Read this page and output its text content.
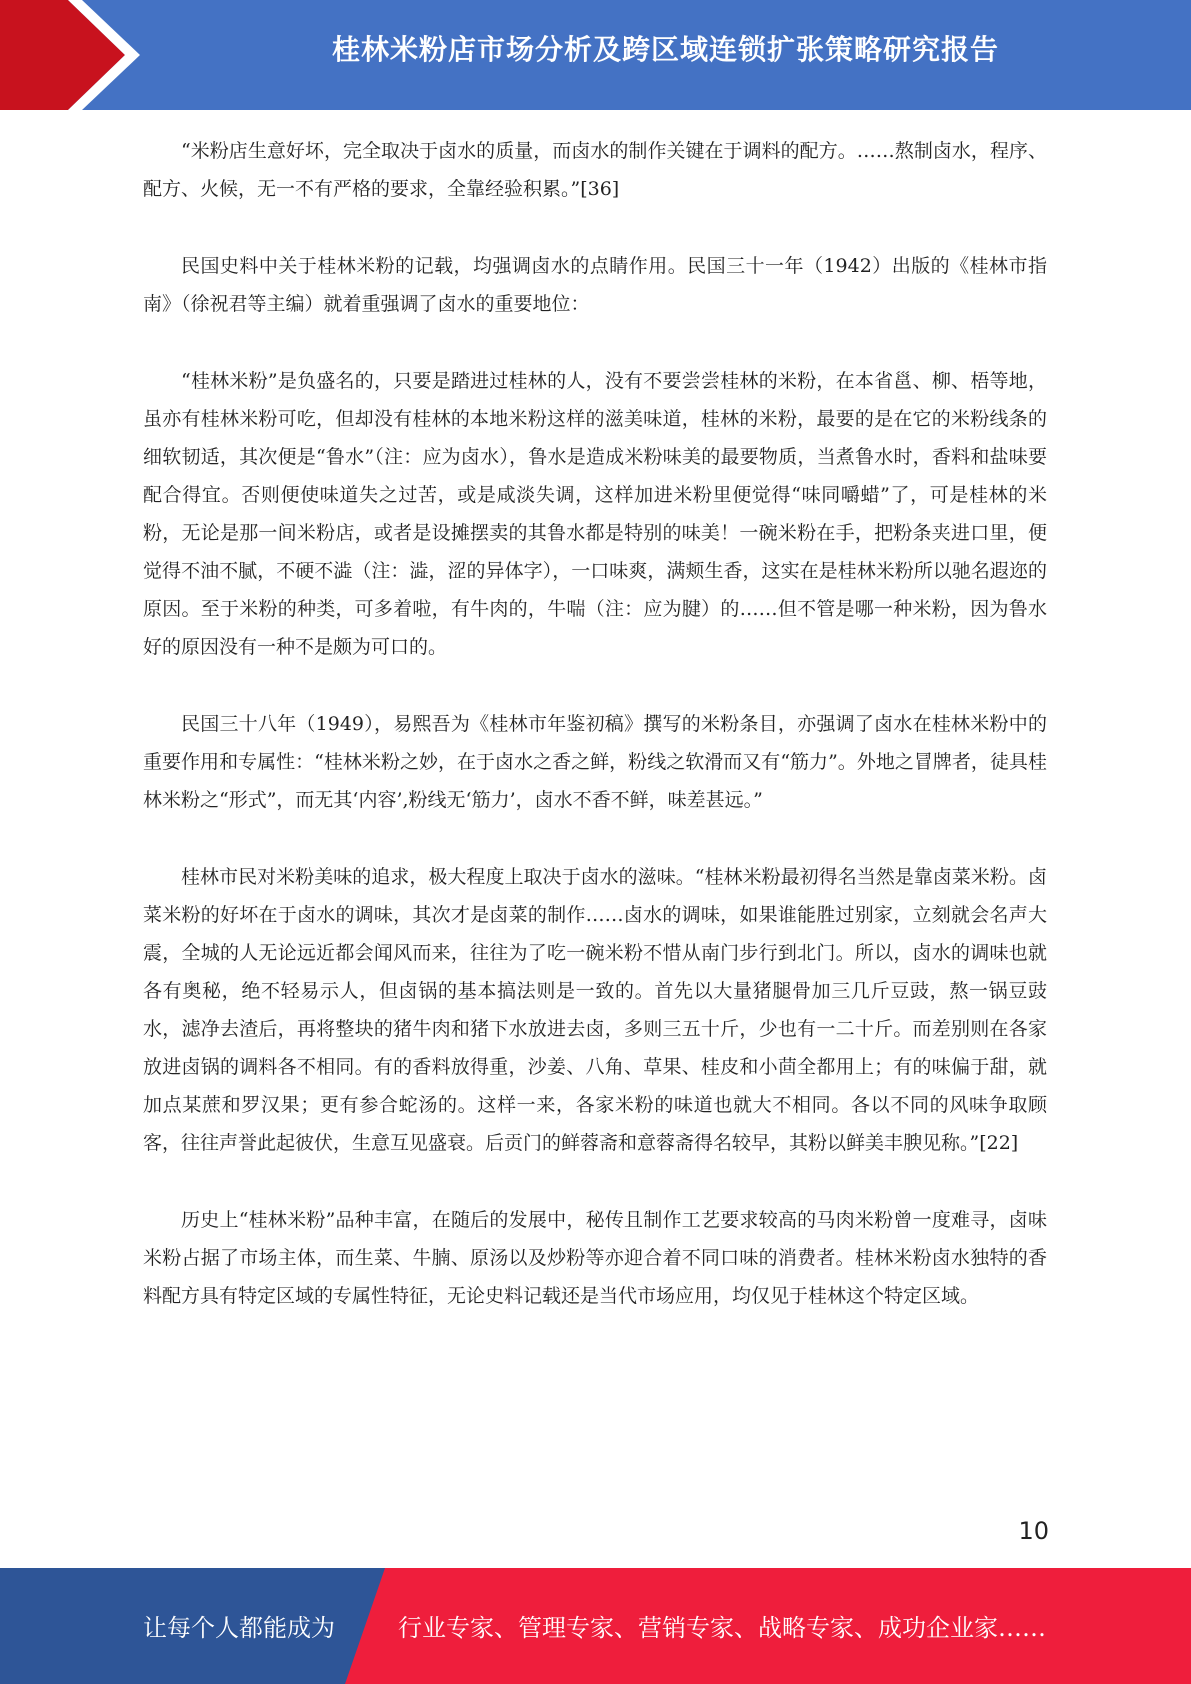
桂林米粉店市场分析及跨区域连锁扩张策略研究报告

“米粉店生意好坏，完全取决于卤水的质量，而卤水的制作关键在于调料的配方。……熬制卤水，程序、配方、火候，无一不有严格的要求，全靠经验积累。”[36]

民国史料中关于桂林米粉的记载，均强调卤水的点睛作用。民国三十一年（1942）出版的《桂林市指南》（徐祝君等主编）就着重强调了卤水的重要地位：

“桂林米粉”是负盛名的，只要是踏进过桂林的人，没有不要尝尝桂林的米粉，在本省邕、柳、梧等地，虽亦有桂林米粉可吃，但却没有桂林的本地米粉这样的滋美味道，桂林的米粉，最要的是在它的米粉线条的细软韧适，其次便是“鲁水”（注：应为卤水），鲁水是造成米粉味美的最要物质，当煮鲁水时，香料和盐味要配合得宜。否则便使味道失之过苦，或是咸淡失调，这样加进米粉里便觉得“味同嚼蜡”了，可是桂林的米粉，无论是那一间米粉店，或者是设摊摆卖的其鲁水都是特别的味美！一碗米粉在手，把粉条夹进口里，便觉得不油不腻，不硬不澁（注：澁，涩的异体字），一口味爽，满颊生香，这实在是桂林米粉所以驰名遐迩的原因。至于米粉的种类，可多着啦，有牛肉的，牛喘（注：应为腱）的……但不管是哪一种米粉，因为鲁水好的原因没有一种不是颇为可口的。

民国三十八年（1949），易熙吾为《桂林市年鉴初稿》撰写的米粉条目，亦强调了卤水在桂林米粉中的重要作用和专属性：“桂林米粉之妙，在于卤水之香之鲜，粉线之软滑而又有“筋力”。外地之冒牌者，徒具桂林米粉之“形式”，而无其‘内容’,粉线无‘筋力’，卤水不香不鲜，味差甚远。”

桂林市民对米粉美味的追求，极大程度上取决于卤水的滋味。“桂林米粉最初得名当然是靠卤菜米粉。卤菜米粉的好坏在于卤水的调味，其次才是卤菜的制作……卤水的调味，如果谁能胜过别家，立刻就会名声大震，全城的人无论远近都会闻风而来，往往为了吃一碗米粉不惜从南门步行到北门。所以，卤水的调味也就各有奥秘，绝不轻易示人，但卤锅的基本搞法则是一致的。首先以大量猪腿骨加三几斤豆豉，熬一锅豆豉水，滤净去渣后，再将整块的猪牛肉和猪下水放进去卤，多则三五十斤，少也有一二十斤。而差别则在各家放进卤锅的调料各不相同。有的香料放得重，沙姜、八角、草果、桂皮和小茴全都用上；有的味偏于甜，就加点某蔗和罗汉果；更有参合蛇汤的。这样一来，各家米粉的味道也就大不相同。各以不同的风味争取顾客，往往声誉此起彼伏，生意互见盛衰。后贡门的鲜蓉斋和意蓉斋得名较早，其粉以鲜美丰腴见称。”[22]

历史上“桂林米粉”品种丰富，在随后的发展中，秘传且制作工艺要求较高的马肉米粉曾一度难寻，卤味米粉占据了市场主体，而生菜、牛腩、原汤以及炒粉等亦迎合着不同口味的消费者。桂林米粉卤水独特的香料配方具有特定区域的专属性特征，无论史料记载还是当代市场应用，均仅见于桂林这个特定区域。

10
让每个人都能成为	行业专家、管理专家、营销专家、战略专家、成功企业家……
